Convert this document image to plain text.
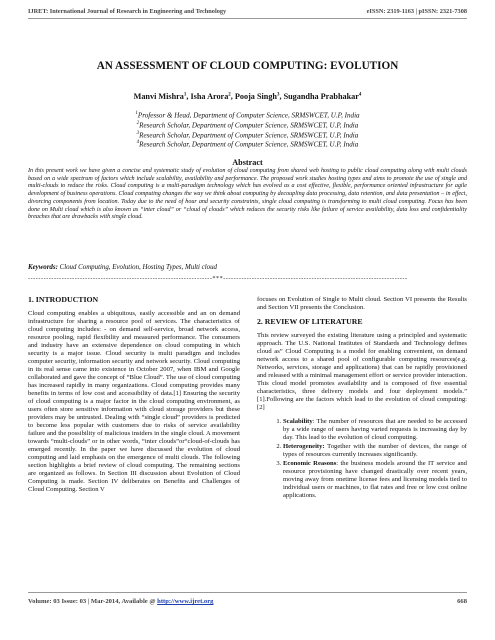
IJRET: International Journal of Research in Engineering and Technology	eISSN: 2319-1163 | pISSN: 2321-7308
AN ASSESSMENT OF CLOUD COMPUTING: EVOLUTION
Manvi Mishra$^1$, Isha Arora$^2$, Pooja Singh$^3$, Sugandha Prabhakar$^4$
$^1$Professor & Head, Department of Computer Science, SRMSWCET, U.P, India
$^2$Research Scholar, Department of Computer Science, SRMSWCET, U.P, India
$^3$Research Scholar, Department of Computer Science, SRMSWCET, U.P, India
$^4$Research Scholar, Department of Computer Science, SRMSWCET, U.P, India
Abstract
In this present work we have given a concise and systematic study of evolution of cloud computing from shared web hosting to public cloud computing along with multi clouds based on a wide spectrum of factors which include scalability, availability and performance. The proposed work studies hosting types and aims to promote the use of single and multi-clouds to reduce the risks. Cloud computing is a multi-paradigm technology which has evolved as a cost effective, flexible, performance oriented infrastructure for agile development of business operations. Cloud computing changes the way we think about computing by decoupling data processing, data retention, and data presentation – in effect, divorcing components from location. Today due to the need of hour and security constraints, single cloud computing is transforming to multi cloud computing. Focus has been done on Multi cloud which is also known as “inter cloud” or “cloud of clouds” which reduces the security risks like failure of service availability, data loss and confidentiality breaches that are drawbacks with single cloud.
Keywords: Cloud Computing, Evolution, Hosting Types, Multi cloud
-----------------------------------------------------------------------***-----------------------------------------------------------------------
1. INTRODUCTION
Cloud computing enables a ubiquitous, easily accessible and an on demand infrastructure for sharing a resource pool of services. The characteristics of cloud computing includes: - on demand self-service, broad network access, resource pooling, rapid flexibility and measured performance. The consumers and industry have an extensive dependence on cloud computing in which security is a major issue. Cloud security is multi paradigm and includes computer security, information security and network security. Cloud computing in its real sense came into existence in October 2007, when IBM and Google collaborated and gave the concept of “Blue Cloud”. The use of cloud computing has increased rapidly in many organizations. Cloud computing provides many benefits in terms of low cost and accessibility of data.[1] Ensuring the security of cloud computing is a major factor in the cloud computing environment, as users often store sensitive information with cloud storage providers but these providers may be untrusted. Dealing with “single cloud” providers is predicted to become less popular with customers due to risks of service availability failure and the possibility of malicious insiders in the single cloud. A movement towards “multi-clouds” or in other words, “inter clouds”or“cloud-of-clouds has emerged recently. In the paper we have discussed the evolution of cloud computing and laid emphasis on the emergence of multi clouds. The following section highlights a brief review of cloud computing. The remaining sections are organized as follows. In Section III discussion about Evolution of Cloud Computing is made. Section IV deliberates on Benefits and Challenges of Cloud Computing. Section V
focuses on Evolution of Single to Multi cloud. Section VI presents the Results and Section VII presents the Conclusion.
2. REVIEW OF LITERATURE
This review surveyed the existing literature using a principled and systematic approach. The U.S. National Institutes of Standards and Technology defines cloud as” Cloud Computing is a model for enabling convenient, on demand network access to a shared pool of configurable computing resources(e.g. Networks, services, storage and applications) that can be rapidly provisioned and released with a minimal management effort or service provider interaction. This cloud model promotes availability and is composed of five essential characteristics, three delivery models and four deployment models.” [1].Following are the factors which lead to the evolution of cloud computing: [2]
1. Scalability: The number of resources that are needed to be accessed by a wide range of users having varied requests is increasing day by day. This lead to the evolution of cloud computing.
2. Heterogeneity: Together with the number of devices, the range of types of resources currently increases significantly.
3. Economic Reasons: the business models around the IT service and resource provisioning have changed drastically over recent years, moving away from onetime license fees and licensing models tied to individual users or machines, to flat rates and free or low cost online applications.
Volume: 03 Issue: 03 | Mar-2014, Available @ http://www.ijret.org	668
